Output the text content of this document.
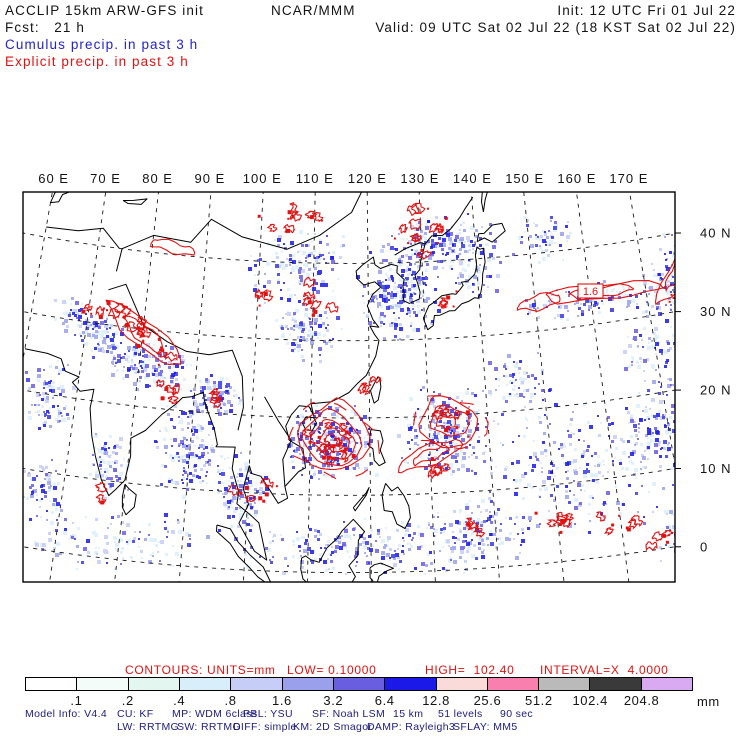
ACCLIP 15km ARW-GFS init	NCAR/MMM	Init: 12 UTC Fri 01 Jul 22
Fcst:   21 h	Valid: 09 UTC Sat 02 Jul 22 (18 KST Sat 02 Jul 22)
Cumulus precip. in past 3 h
Explicit precip. in past 3 h
60 E 70 E 80 E 90 E 100 E 110 E 120 E 130 E 140 E 150 E 160 E 170 E
40 N
30 N
20 N
10 N
0
1.6
CONTOURS: UNITS=mm LOW= 0.10000	HIGH=  102.40 INTERVAL=X  4.0000
.1	.2	.4	.8	1.6 3.2 6.4 12.8 25.6 51.2 102.4 204.8	mm
Model Info: V4.4 CU: KF MP: WDM 6class
PBL: YSU SF: Noah LSM 15 km 51 levels 90 sec
LW: RRTMG
SW: RRTMG
DIFF: simple
KM: 2D Smagor
DAMP: Rayleigh3
SFLAY: MM5
